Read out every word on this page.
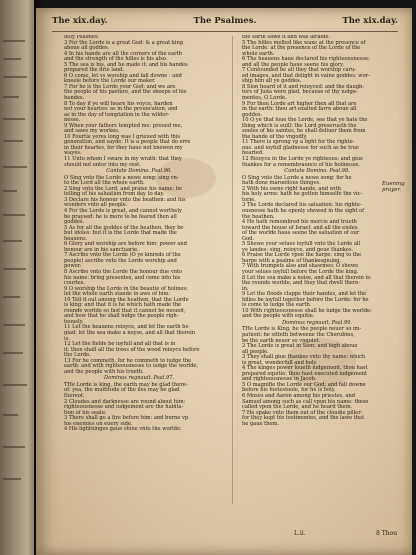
The xix.day.	The Psalmes.	The xix.day.
holy Psalmes.
3 For the Lorde is a great God: & a great king
aboue all goddes.
4 In his hande are all the corners of the earth
and the strength of the hilles is his also.
5 The sea is his, and he made it: and his handes
prepared the drie land.
6 O come, let vs worship and fall downe : and
kneele before the Lorde our maker.
7 For he is the Lorde your God: and we are
the people of his pasture, and the sheepe of his
handes.
8 To day if ye will heare his voyce, harden
not your heartes: as in the prouocation, and
as in the day of temptation in the wilder-
nesse.
9 When your fathers tempted me: proued me,
and sawe my workes.
10 Fourtie yeres long was I grieued with this
generation, and sayde: It is a people that do erre
in their heartes, for they haue not knowen my
wayes.
11 Unto whom I sware in my wrath: that they
should not enter into my rest.
Cantate Domino. Psal.96.
O Sing vnto the Lorde a newe song: sing vn-
to the Lord all the whole earth.
2 Sing vnto the Lord, and praise his name: be
telling of his saluation from day to day.
3 Declare his honour vnto the heathen: and his
wonders vnto all people.
4 For the Lorde is great, and cannot worthely
be praysed: he is more to be feared then all
goddes.
5 As for all the goddes of the heathen, they be
but idoles: but it is the Lorde that made the
heauens.
6 Glory and worship are before him: power and
honour are in his sanctuarie.
7 Ascribe vnto the Lorde (O ye kinreds of the
people) ascribe vnto the Lorde worship and
power.
8 Ascribe vnto the Lorde the honour due vnto
his name: bring presentes, and come into his
courtes.
9 O worship the Lorde in the beautie of holines:
let the whole earth stande in awe of him.
10 Tell it out among the heathen, that the Lorde
is king: and that it is he which hath made the
rounde worlde so fast that it cannot be moued,
and how that he shall iudge the people righ-
teously.
11 Let the heauens reioyce, and let the earth be
glad: let the sea make a noyse, and all that therein
is.
12 Let the fielde be ioyfull and all that is in
it: then shall all the trees of the wood reioyce before
the Lorde.
13 For he commeth, for he commeth to iudge the
earth: and with righteousnesse to iudge the worlde,
and the people with his trueth.
Dominus regnauit. Psal.97.
THe Lorde is king, the earth may be glad there-
of: yea, the multitude of the iles may be glad
thereof.
2 Cloudes and darknesse are round about him:
righteousnesse and iudgement are the habita-
tion of his seate.
3 There shall go a fire before him: and burne vp
his enemies on euery side.
4 His lightninges gaue shine vnto the worlde:
the earth sawe it and was afraide.
5 The hilles melted like waxe at the presence of
the Lorde: at the presence of the Lorde of the
whole earth.
6 The heauens haue declared his righteousnesse:
and all the people haue seene his glory.
7 Confounded be all they that worship caru-
ed images, and that delight in vaine goddes: wor-
ship him all ye goddes.
8 Sion heard of it and reioyced: and the daugh-
ters of Juda were glad, because of thy iudge-
mentes, O Lorde.
9 For thou Lorde art higher then all that are
in the earth: thou art exalted farre aboue all
goddes.
10 O ye that loue the Lorde, see that ye hate the
thing which is euill: the Lord preserueth the
soules of his saintes, he shall deliuer them from
the hande of the vngodly.
11 There is sprong vp a light for the righte-
ous: and ioyfull gladnesse for such as be true
hearted.
12 Reioyce in the Lorde ye righteous: and giue
thankes for a remembraunce of his holinesse.
Cantate Domino. Psal.98.
O Sing vnto the Lorde a newe song: for he
hath done marueilous thinges.
2 With his owne right hande, and with
his holy arme: hath he gotten himselfe the vic-
torie.
3 The Lorde declared his saluation: his righte-
ousnesse hath he openly shewed in the sight of
the heathen.
4 He hath remembred his mercie and trueth
toward the house of Israel: and all the endes
of the worlde haue seene the saluation of our
God.
5 Shewe your selues ioyfull vnto the Lorde all
ye landes: sing, reioyce, and geue thankes.
6 Praise the Lorde vpon the harpe: sing to the
harpe with a psalme of thankesgiuing.
7 With trumpets also and shawmes: O shewe
your selues ioyfull before the Lorde the king.
8 Let the sea make a noise, and all that therein is:
the rounde worlde, and they that dwell there-
in.
9 Let the floods clappe their handes, and let the
hilles be ioyfull together before the Lorde: for he
is come to iudge the earth.
10 With righteousnesse shall he iudge the worlde:
and the people with equitie.
Dominus regnauit. Psal.99.
THe Lorde is King, be the people neuer so im-
patient: he sitteth betweene the Cherubins,
be the earth neuer so vnquiet.
2 The Lorde is great in Sion: and high aboue
all people.
3 They shall giue thankes vnto thy name: which
is great, wonderfull and holy.
4 The kinges power loueth iudgement, thou hast
prepared equitie: thou hast executed iudgement
and righteousnesse in Jacob.
5 O magnifie the Lorde our God: and fall downe
before his footestoole, for he is holy.
6 Moses and Aaron among his priestes, and
Samuel among such as call vpon his name: these
called vpon the Lorde, and he heard them.
7 He spake vnto them out of the cloudie piller:
for they kept his testimonies, and the lawe that
he gaue them.
Euening prayer.
L.ii.	8 Thou
